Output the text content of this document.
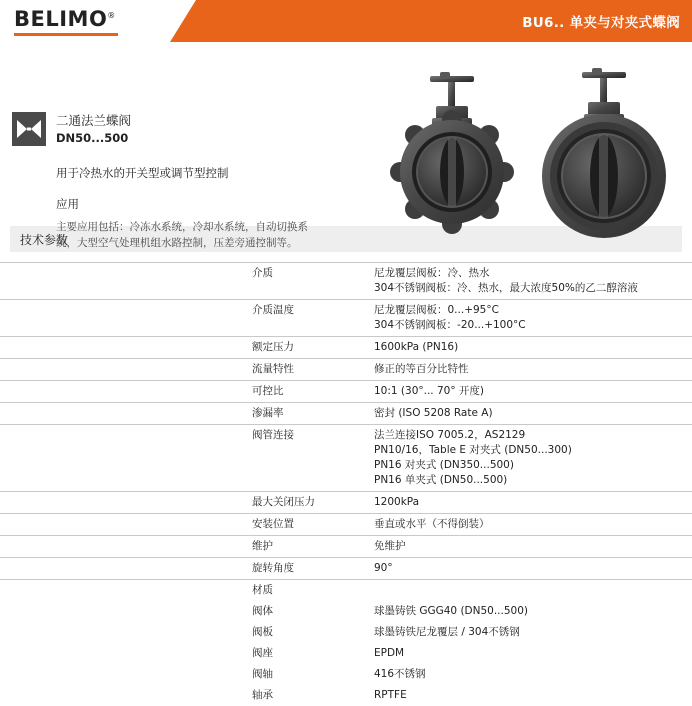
BELIMO®	BU6.. 单夹与对夹式蝶阀
二通法兰蝶阀
DN50...500
用于冷热水的开关型或调节型控制
应用
主要应用包括：冷冻水系统，冷却水系统，自动切换系统，大型空气处理机组水路控制，压差旁通控制等。
技术参数
	介质	尼龙覆层阀板：冷、热水
304不锈钢阀板：冷、热水，最大浓度50%的乙二醇溶液

	介质温度	尼龙覆层阀板：0...+95°C
304不锈钢阀板：-20...+100°C

	额定压力	1600kPa (PN16)

	流量特性	修正的等百分比特性

	可控比	10:1 (30°... 70° 开度)

	渗漏率	密封 (ISO 5208 Rate A)

	阀管连接	法兰连接ISO 7005.2，AS2129
PN10/16，Table E 对夹式 (DN50...300)
PN16 对夹式 (DN350...500)
PN16 单夹式 (DN50...500)

	最大关闭压力	1200kPa

	安装位置	垂直或水平（不得倒装）

	维护	免维护

	旋转角度	90°

	材质	
	阀体	球墨铸铁 GGG40 (DN50...500)

	阀板	球墨铸铁尼龙覆层 / 304不锈钢

	阀座	EPDM

	阀轴	416不锈钢

	轴承	RPTFE
